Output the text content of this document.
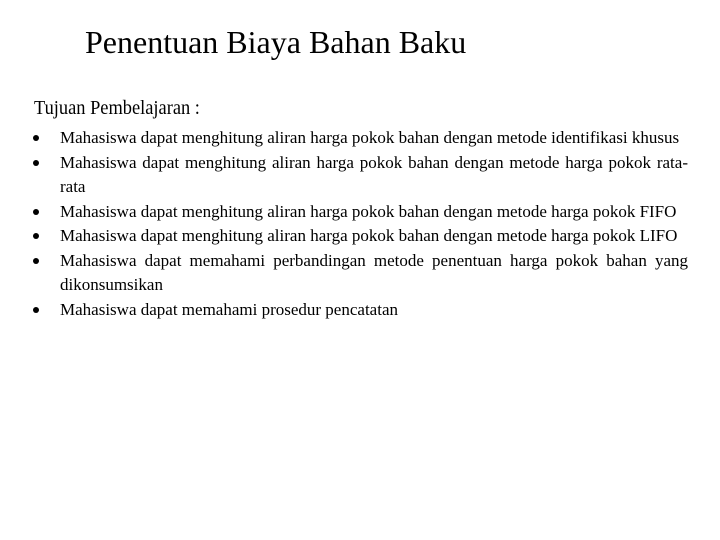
Penentuan Biaya Bahan Baku

Tujuan Pembelajaran :

Mahasiswa dapat menghitung aliran harga pokok bahan dengan metode identifikasi khusus
Mahasiswa dapat menghitung aliran harga pokok bahan dengan metode harga pokok rata-rata
Mahasiswa dapat menghitung aliran harga pokok bahan dengan metode harga pokok FIFO
Mahasiswa dapat menghitung aliran harga pokok bahan dengan metode harga pokok LIFO
Mahasiswa dapat memahami perbandingan metode penentuan harga pokok bahan yang dikonsumsikan
Mahasiswa dapat memahami prosedur pencatatan
